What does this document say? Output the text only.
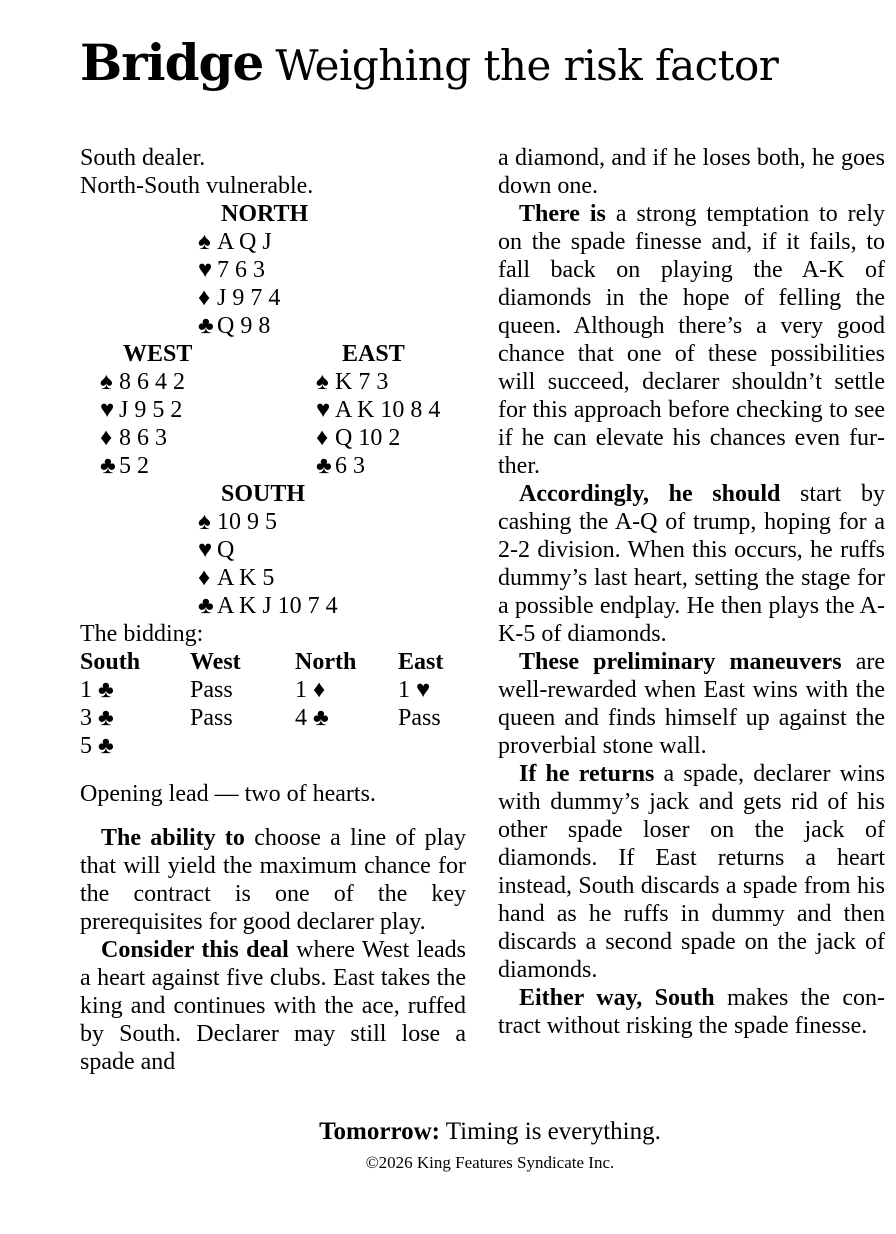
Bridge Weighing the risk factor
South dealer.
North-South vulnerable.
NORTH
♠ A Q J
♥ 7 6 3
♦ J 9 7 4
♣ Q 9 8
WEST
♠ 8 6 4 2
♥ J 9 5 2
♦ 8 6 3
♣ 5 2
EAST
♠ K 7 3
♥ A K 10 8 4
♦ Q 10 2
♣ 6 3
SOUTH
♠ 10 9 5
♥ Q
♦ A K 5
♣ A K J 10 7 4
The bidding:
South	West	North	East
1 ♣	Pass	1 ♦	1 ♥
3 ♣	Pass	4 ♣	Pass
5 ♣			
Opening lead — two of hearts.

The ability to choose a line of play that will yield the maximum chance for the contract is one of the key prerequisites for good declarer play.

Consider this deal where West leads a heart against five clubs. East takes the king and continues with the ace, ruffed by South. Declarer may still lose a spade and

a diamond, and if he loses both, he goes down one.

There is a strong temptation to rely on the spade finesse and, if it fails, to fall back on playing the A-K of diamonds in the hope of felling the queen. Although there’s a very good chance that one of these possibilities will succeed, declarer shouldn’t settle for this approach before checking to see if he can elevate his chances even further.

Accordingly, he should start by cashing the A-Q of trump, hoping for a 2-2 division. When this occurs, he ruffs dummy’s last heart, setting the stage for a possible endplay. He then plays the A-K-5 of diamonds.

These preliminary maneuvers are well-rewarded when East wins with the queen and finds himself up against the proverbial stone wall.

If he returns a spade, declarer wins with dummy’s jack and gets rid of his other spade loser on the jack of diamonds. If East returns a heart instead, South discards a spade from his hand as he ruffs in dummy and then discards a second spade on the jack of diamonds.

Either way, South makes the contract without risking the spade finesse.

Tomorrow: Timing is everything.
©2026 King Features Syndicate Inc.
